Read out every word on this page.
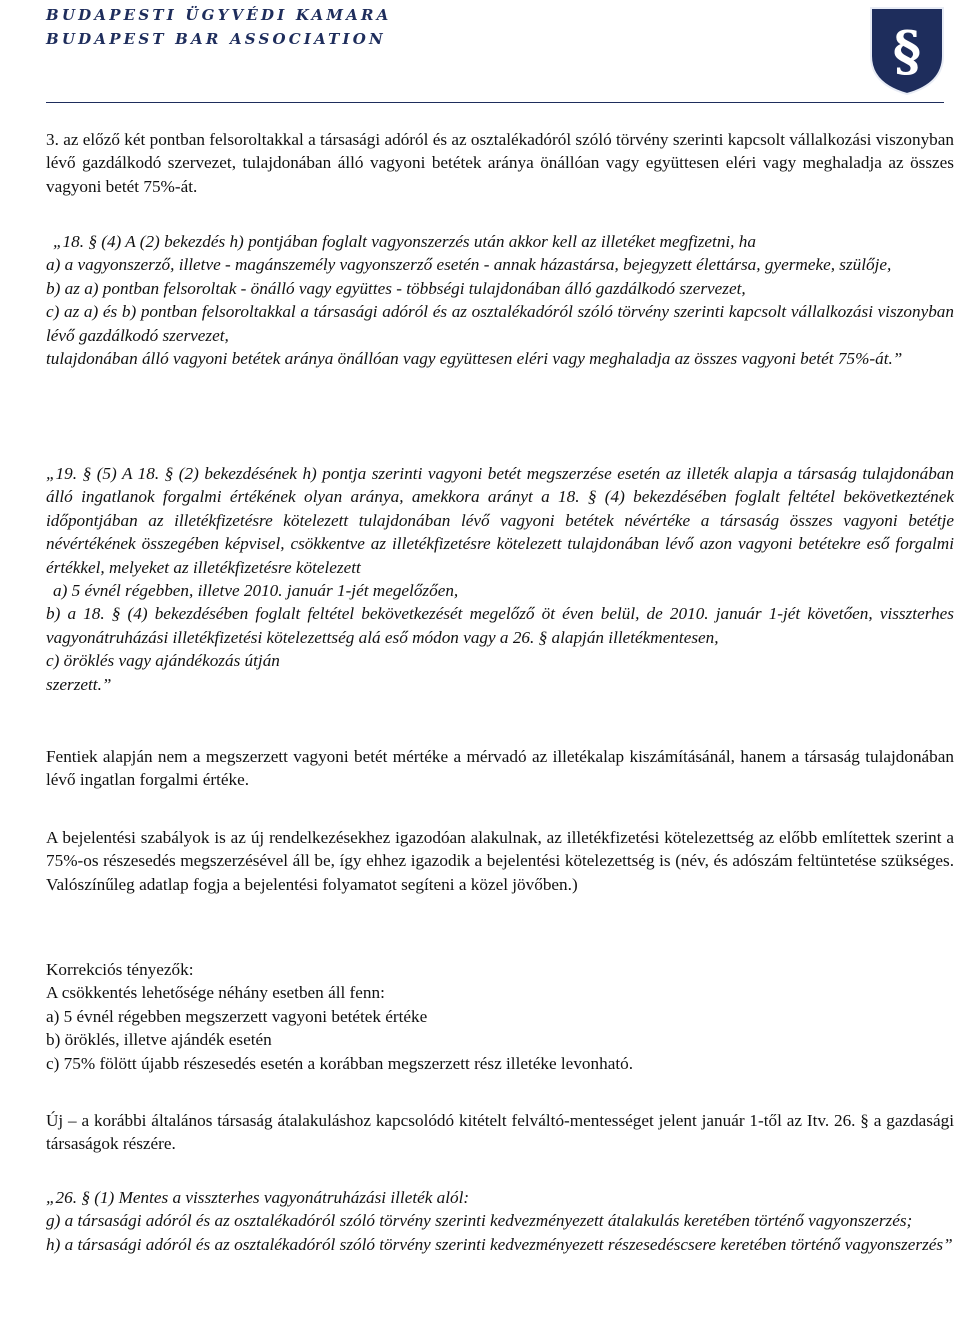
BUDAPESTI ÜGYVÉDI KAMARA
BUDAPEST BAR ASSOCIATION	§
3. az előző két pontban felsoroltakkal a társasági adóról és az osztalékadóról szóló törvény szerinti kapcsolt vállalkozási viszonyban lévő gazdálkodó szervezet, tulajdonában álló vagyoni betétek aránya önállóan vagy együttesen eléri vagy meghaladja az összes vagyoni betét 75%-át.

„18. § (4) A (2) bekezdés h) pontjában foglalt vagyonszerzés után akkor kell az illetéket megfizetni, ha

a) a vagyonszerző, illetve - magánszemély vagyonszerző esetén - annak házastársa, bejegyzett élettársa, gyermeke, szülője,

b) az a) pontban felsoroltak - önálló vagy együttes - többségi tulajdonában álló gazdálkodó szervezet,

c) az a) és b) pontban felsoroltakkal a társasági adóról és az osztalékadóról szóló törvény szerinti kapcsolt vállalkozási viszonyban lévő gazdálkodó szervezet,

tulajdonában álló vagyoni betétek aránya önállóan vagy együttesen eléri vagy meghaladja az összes vagyoni betét 75%-át.”

„19. § (5) A 18. § (2) bekezdésének h) pontja szerinti vagyoni betét megszerzése esetén az illeték alapja a társaság tulajdonában álló ingatlanok forgalmi értékének olyan aránya, amekkora arányt a 18. § (4) bekezdésében foglalt feltétel bekövetkeztének időpontjában az illetékfizetésre kötelezett tulajdonában lévő vagyoni betétek névértéke a társaság összes vagyoni betétje névértékének összegében képvisel, csökkentve az illetékfizetésre kötelezett tulajdonában lévő azon vagyoni betétekre eső forgalmi értékkel, melyeket az illetékfizetésre kötelezett

a) 5 évnél régebben, illetve 2010. január 1-jét megelőzően,

b) a 18. § (4) bekezdésében foglalt feltétel bekövetkezését megelőző öt éven belül, de 2010. január 1-jét követően, visszterhes vagyonátruházási illetékfizetési kötelezettség alá eső módon vagy a 26. § alapján illetékmentesen,

c) öröklés vagy ajándékozás útján

szerzett.”

Fentiek alapján nem a megszerzett vagyoni betét mértéke a mérvadó az illetékalap kiszámításánál, hanem a társaság tulajdonában lévő ingatlan forgalmi értéke.
A bejelentési szabályok is az új rendelkezésekhez igazodóan alakulnak, az illetékfizetési kötelezettség az előbb említettek szerint a 75%-os részesedés megszerzésével áll be, így ehhez igazodik a bejelentési kötelezettség is (név, és adószám feltüntetése szükséges. Valószínűleg adatlap fogja a bejelentési folyamatot segíteni a közel jövőben.)

Korrekciós tényezők:

A csökkentés lehetősége néhány esetben áll fenn:

a) 5 évnél régebben megszerzett vagyoni betétek értéke

b) öröklés, illetve ajándék esetén

c) 75% fölött újabb részesedés esetén a korábban megszerzett rész illetéke levonható.

Új – a korábbi általános társaság átalakuláshoz kapcsolódó kitételt felváltó-mentességet jelent január 1-től az Itv. 26. § a gazdasági társaságok részére.

„26. § (1) Mentes a visszterhes vagyonátruházási illeték alól:

g) a társasági adóról és az osztalékadóról szóló törvény szerinti kedvezményezett átalakulás keretében történő vagyonszerzés;

h) a társasági adóról és az osztalékadóról szóló törvény szerinti kedvezményezett részesedéscsere keretében történő vagyonszerzés”
